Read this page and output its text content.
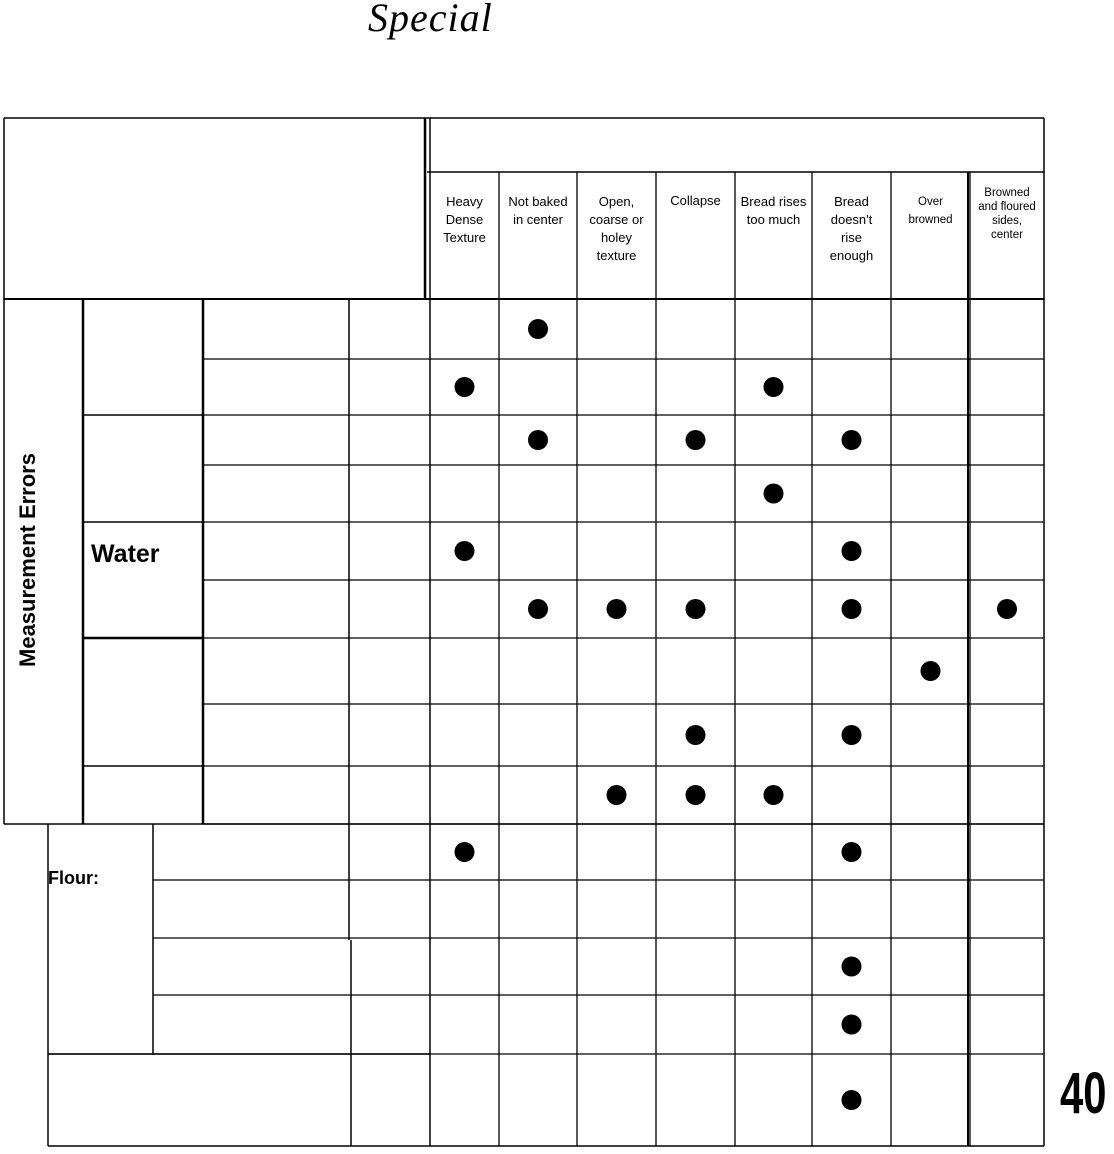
Special
Heavy
Dense
Texture
Not baked
in center
Open,
coarse or
holey
texture
Collapse	Bread rises
too much
Bread
doesn't
rise
enough
Over
browned
Browned
and floured
sides,
center
Measurement Errors Water
Flour:
40
